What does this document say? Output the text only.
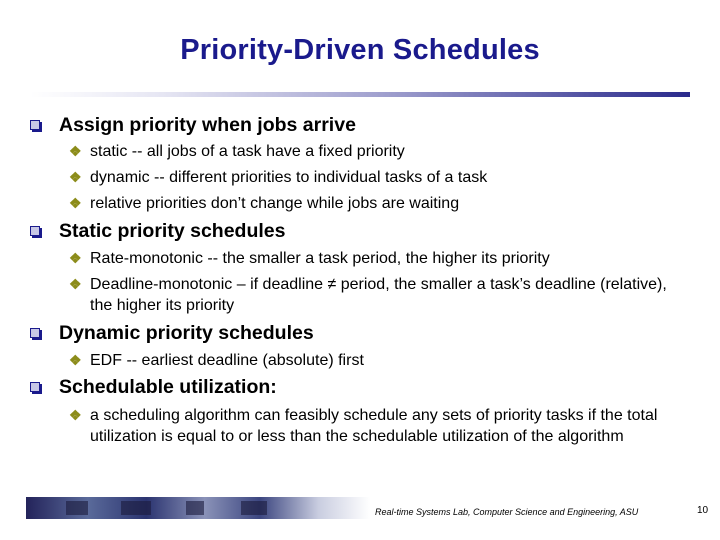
Priority-Driven Schedules
Assign priority when jobs arrive
❖ static -- all jobs of a task have a fixed priority
❖ dynamic -- different priorities to individual tasks of a task
❖ relative priorities don’t change while jobs are waiting
Static priority schedules
❖ Rate-monotonic -- the smaller a task period, the higher its priority
❖ Deadline-monotonic – if deadline ≠ period, the smaller a task’s deadline (relative), the higher its priority
Dynamic priority schedules
❖ EDF -- earliest deadline (absolute) first
Schedulable utilization:
❖ a scheduling algorithm can feasibly schedule any sets of priority tasks if the total utilization is equal to or less than the schedulable utilization of the algorithm
Real-time Systems Lab, Computer Science and Engineering, ASU	10
